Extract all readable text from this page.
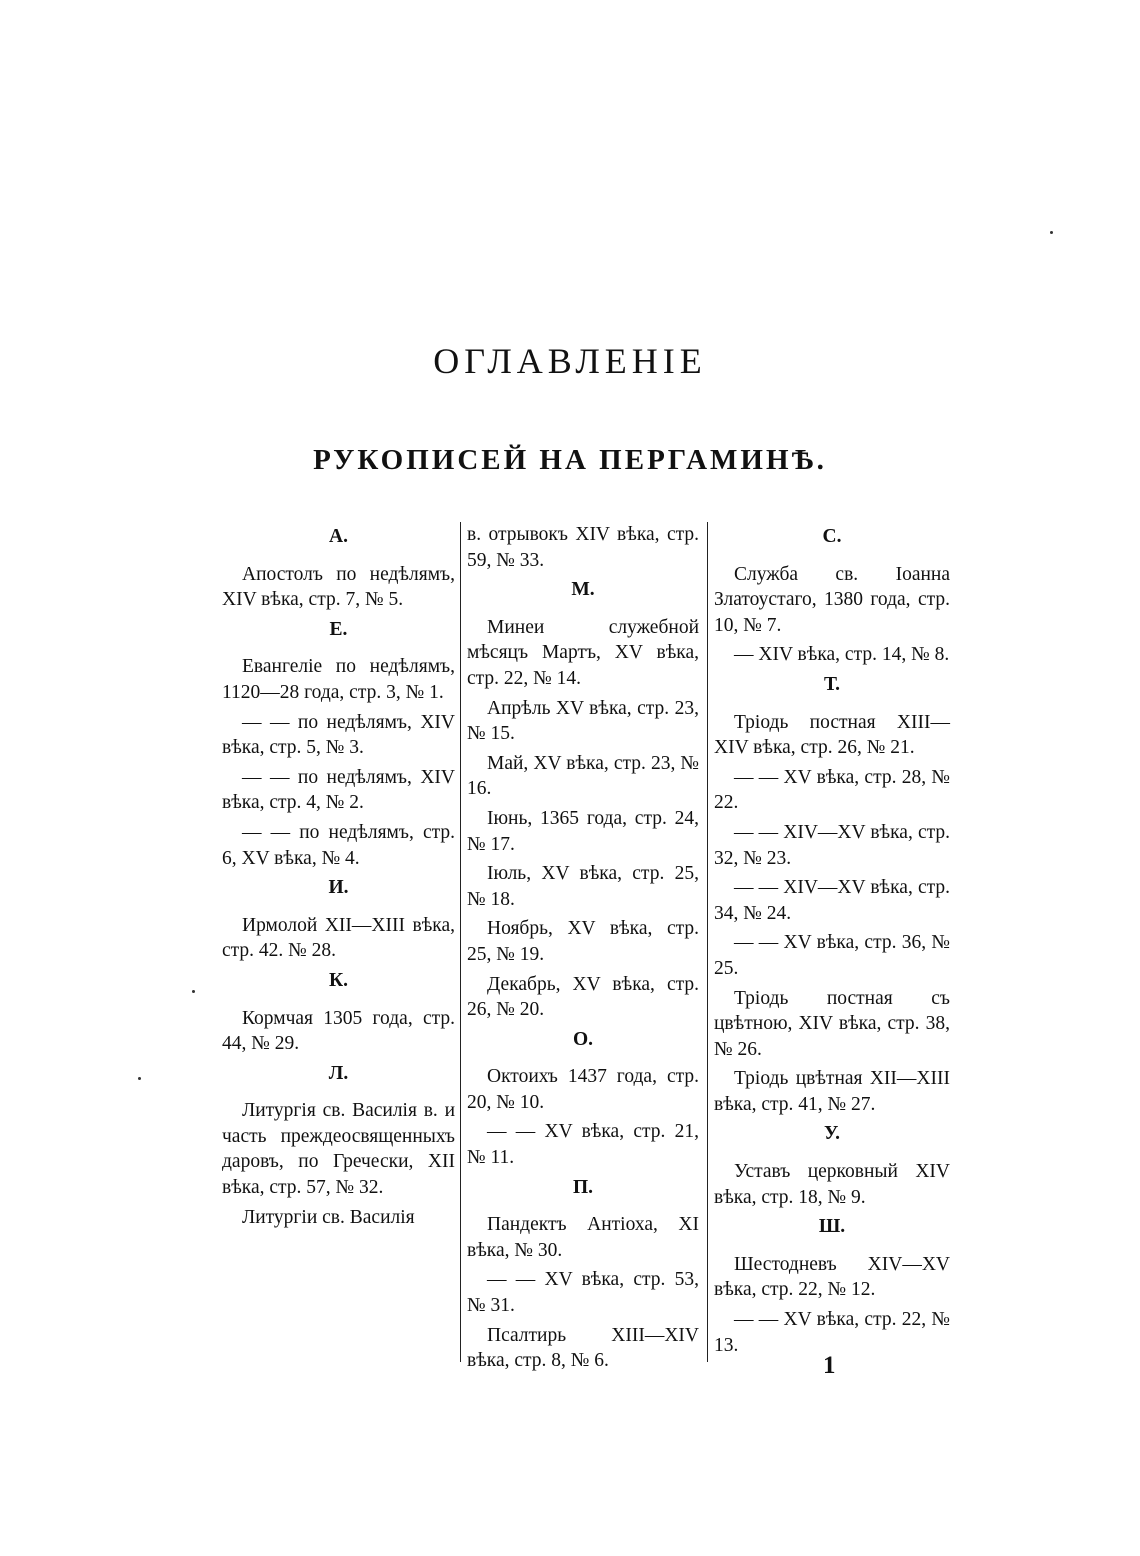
ОГЛАВЛЕНІЕ
РУКОПИСЕЙ НА ПЕРГАМИНѢ.
А.
Апостолъ по недѣлямъ, XIV вѣка, стр. 7, № 5.
Е.
Евангеліе по недѣлямъ, 1120—28 года, стр. 3, № 1.
— — по недѣлямъ, XIV вѣка, стр. 5, № 3.
— — по недѣлямъ, XIV вѣка, стр. 4, № 2.
— — по недѣлямъ, стр. 6, XV вѣка, № 4.
И.
Ирмолой XII—XIII вѣка, стр. 42. № 28.
К.
Кормчая 1305 года, стр. 44, № 29.
Л.
Литургія св. Василія в. и часть преждеосвященныхъ даровъ, по Гречески, XII вѣка, стр. 57, № 32.
Литургіи св. Василія
в. отрывокъ XIV вѣка, стр. 59, № 33.
М.
Минеи служебной мѣсяцъ Мартъ, XV вѣка, стр. 22, № 14.
Апрѣль XV вѣка, стр. 23, № 15.
Май, XV вѣка, стр. 23, № 16.
Іюнь, 1365 года, стр. 24, № 17.
Іюль, XV вѣка, стр. 25, № 18.
Ноябрь, XV вѣка, стр. 25, № 19.
Декабрь, XV вѣка, стр. 26, № 20.
О.
Октоихъ 1437 года, стр. 20, № 10.
— — XV вѣка, стр. 21, № 11.
П.
Пандектъ Антіоха, XI вѣка, № 30.
— — XV вѣка, стр. 53, № 31.
Псалтирь XIII—XIV вѣка, стр. 8, № 6.
С.
Служба св. Іоанна Златоустаго, 1380 года, стр. 10, № 7.
— XIV вѣка, стр. 14, № 8.
Т.
Тріодь постная XIII—XIV вѣка, стр. 26, № 21.
— — XV вѣка, стр. 28, № 22.
— — XIV—XV вѣка, стр. 32, № 23.
— — XIV—XV вѣка, стр. 34, № 24.
— — XV вѣка, стр. 36, № 25.
Тріодь постная съ цвѣтною, XIV вѣка, стр. 38, № 26.
Тріодь цвѣтная XII—XIII вѣка, стр. 41, № 27.
У.
Уставъ церковный XIV вѣка, стр. 18, № 9.
Ш.
Шестодневъ XIV—XV вѣка, стр. 22, № 12.
— — XV вѣка, стр. 22, № 13.
1
